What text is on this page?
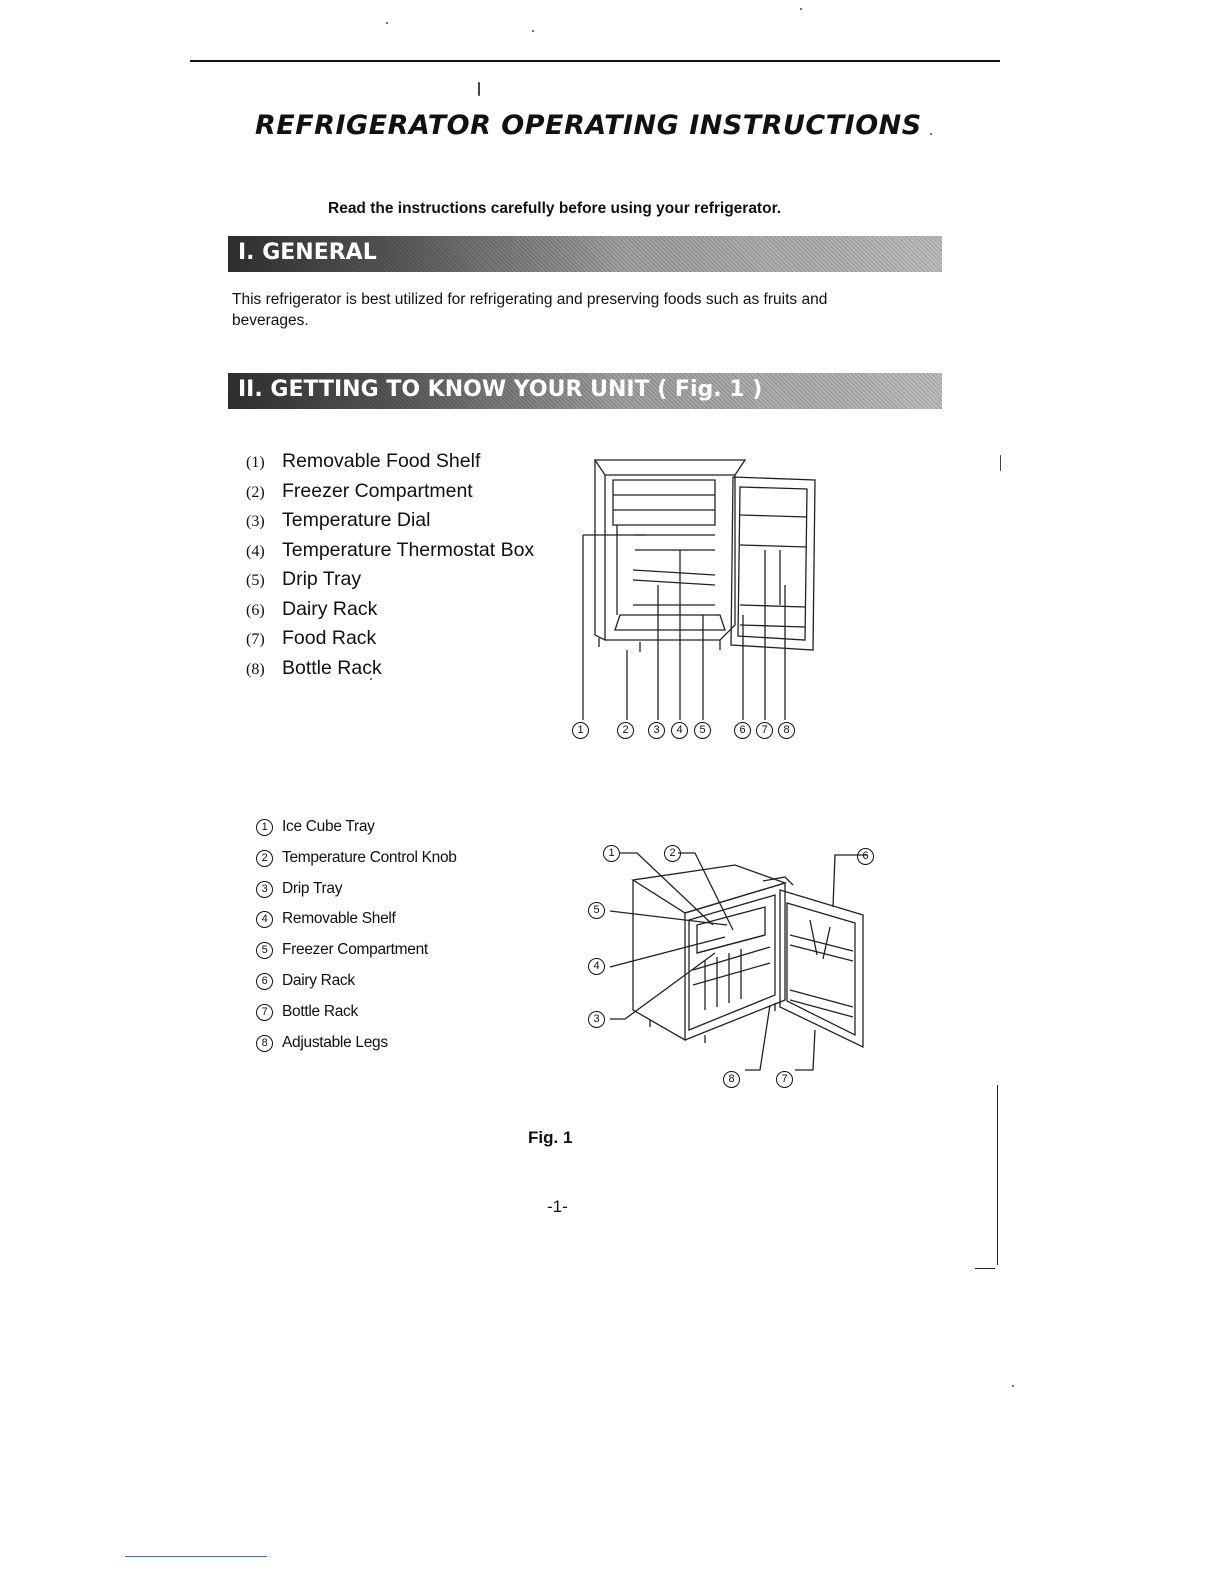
REFRIGERATOR OPERATING INSTRUCTIONS
Read the instructions carefully before using your refrigerator.
I. GENERAL
This refrigerator is best utilized for refrigerating and preserving foods such as fruits and beverages.
II. GETTING TO KNOW YOUR UNIT ( Fig. 1 )
(1) Removable Food Shelf
(2) Freezer Compartment
(3) Temperature Dial
(4) Temperature Thermostat Box
(5) Drip Tray
(6) Dairy Rack
(7) Food Rack
(8) Bottle Rack
1	2	3	4	5	6	7	8
1 Ice Cube Tray
2 Temperature Control Knob
3 Drip Tray
4 Removable Shelf
5 Freezer Compartment
6 Dairy Rack
7 Bottle Rack
8 Adjustable Legs
1	2
3
4
5
6
7
8
Fig. 1
-1-
